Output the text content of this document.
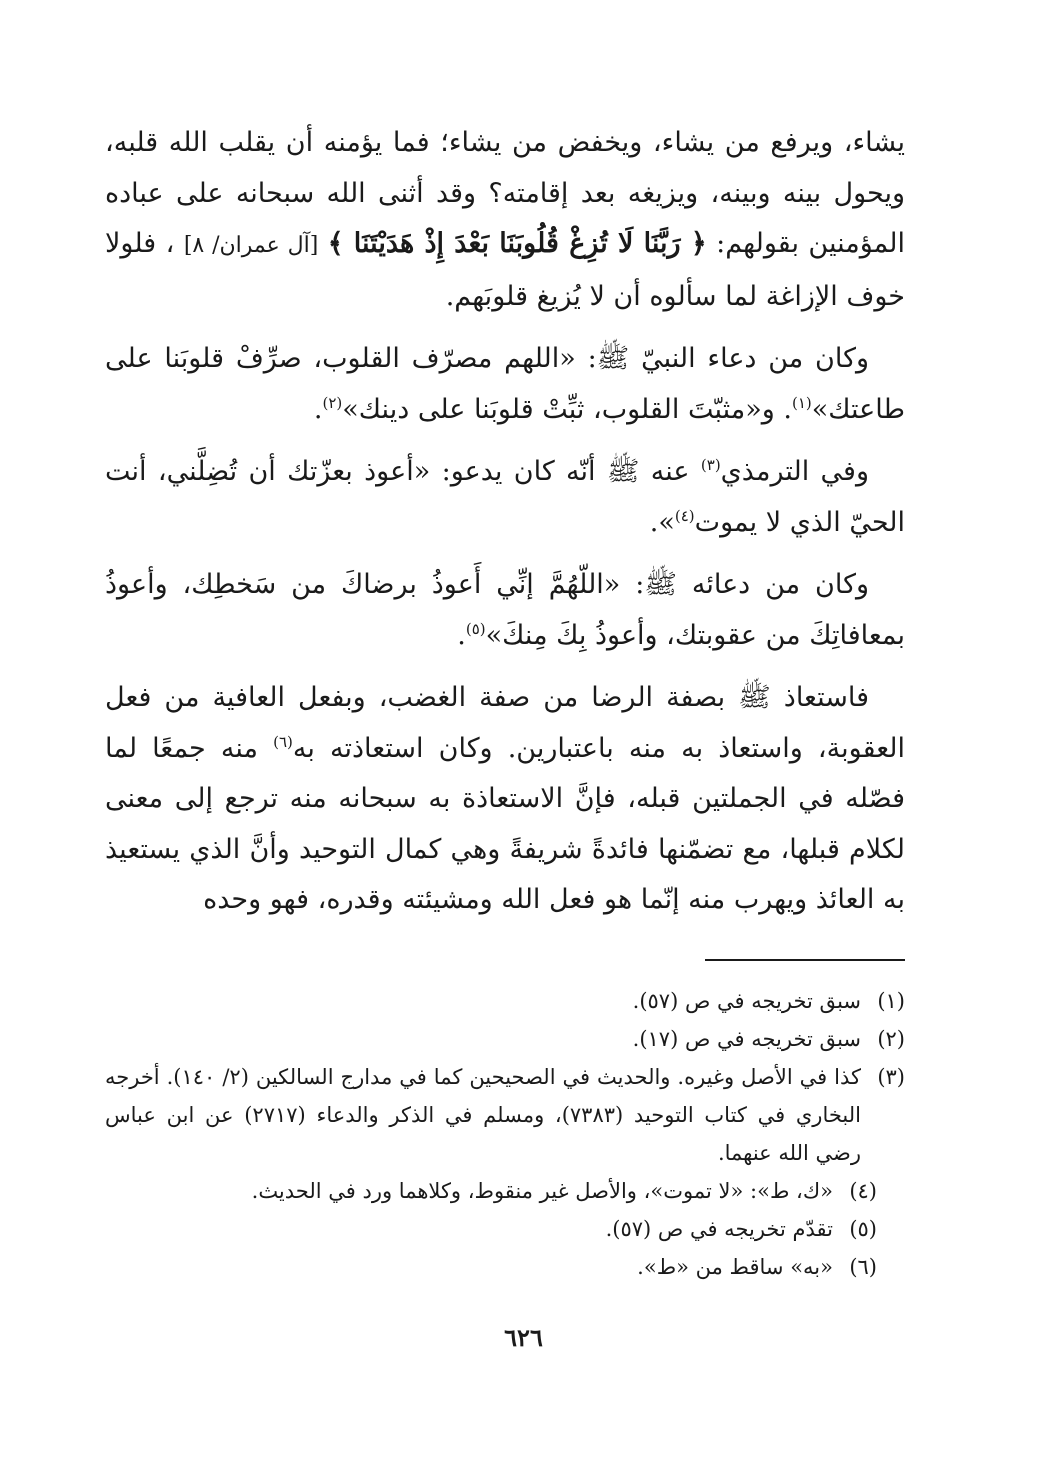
يشاء، ويرفع من يشاء، ويخفض من يشاء؛ فما يؤمنه أن يقلب الله قلبه، ويحول بينه وبينه، ويزيغه بعد إقامته؟ وقد أثنى الله سبحانه على عباده المؤمنين بقولهم: ﴿ رَبَّنَا لَا تُزِغْ قُلُوبَنَا بَعْدَ إِذْ هَدَيْتَنَا ﴾ [آل عمران/ ٨] ، فلولا خوف الإزاغة لما سألوه أن لا يُزيغ قلوبَهم.

وكان من دعاء النبيّ ﷺ: «اللهم مصرّف القلوب، صرِّفْ قلوبَنا على طاعتك»$^{(١)}$. و«مثبّتَ القلوب، ثبِّتْ قلوبَنا على دينك»$^{(٢)}$.

وفي الترمذي$^{(٣)}$ عنه ﷺ أنّه كان يدعو: «أعوذ بعزّتك أن تُضِلَّني، أنت الحيّ الذي لا يموت$^{(٤)}$».

وكان من دعائه ﷺ: «اللّهُمَّ إنِّي أَعوذُ برضاكَ من سَخطِك، وأعوذُ بمعافاتِكَ من عقوبتك، وأعوذُ بِكَ مِنكَ»$^{(٥)}$.

فاستعاذ ﷺ بصفة الرضا من صفة الغضب، وبفعل العافية من فعل العقوبة، واستعاذ به منه باعتبارين. وكان استعاذته به$^{(٦)}$ منه جمعًا لما فصّله في الجملتين قبله، فإنَّ الاستعاذة به سبحانه منه ترجع إلى معنى لكلام قبلها، مع تضمّنها فائدةً شريفةً وهي كمال التوحيد وأنَّ الذي يستعيذ به العائذ ويهرب منه إنّما هو فعل الله ومشيئته وقدره، فهو وحده

(١)
سبق تخريجه في ص (٥٧).
(٢)
سبق تخريجه في ص (١٧).
(٣)
كذا في الأصل وغيره. والحديث في الصحيحين كما في مدارج السالكين (٢/ ١٤٠). أخرجه البخاري في كتاب التوحيد (٧٣٨٣)، ومسلم في الذكر والدعاء (٢٧١٧) عن ابن عباس رضي الله عنهما.
(٤)
«ك، ط»: «لا تموت»، والأصل غير منقوط، وكلاهما ورد في الحديث.
(٥)
تقدّم تخريجه في ص (٥٧).
(٦)
«به» ساقط من «ط».
٦٢٦
